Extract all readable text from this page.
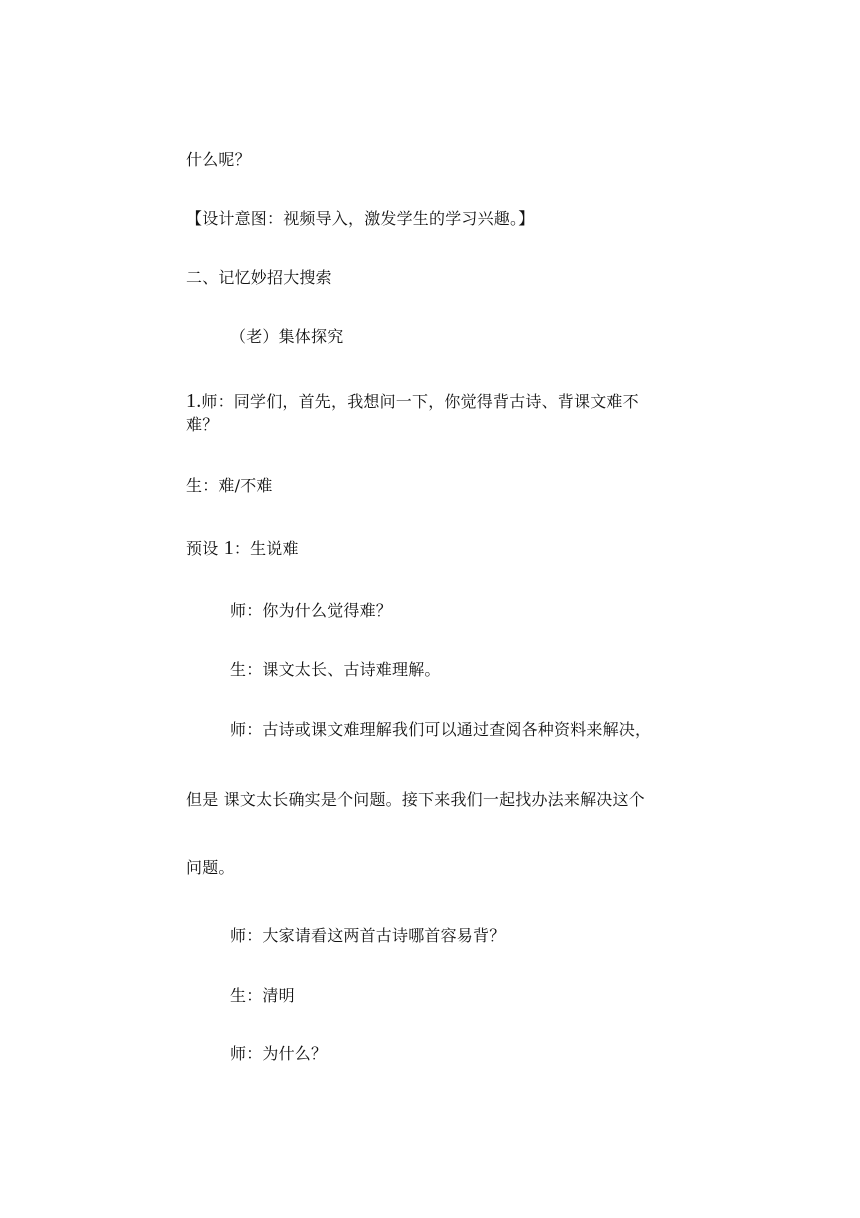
什么呢？
【设计意图：视频导入，激发学生的学习兴趣。】
二、记忆妙招大搜索
（老）集体探究
1.师：同学们，首先，我想问一下，你觉得背古诗、背课文难不
难？
生：难/不难
预设 1：生说难
师：你为什么觉得难？
生：课文太长、古诗难理解。
师：古诗或课文难理解我们可以通过查阅各种资料来解决，
但是 课文太长确实是个问题。接下来我们一起找办法来解决这个
问题。
师：大家请看这两首古诗哪首容易背？
生：清明
师：为什么？
